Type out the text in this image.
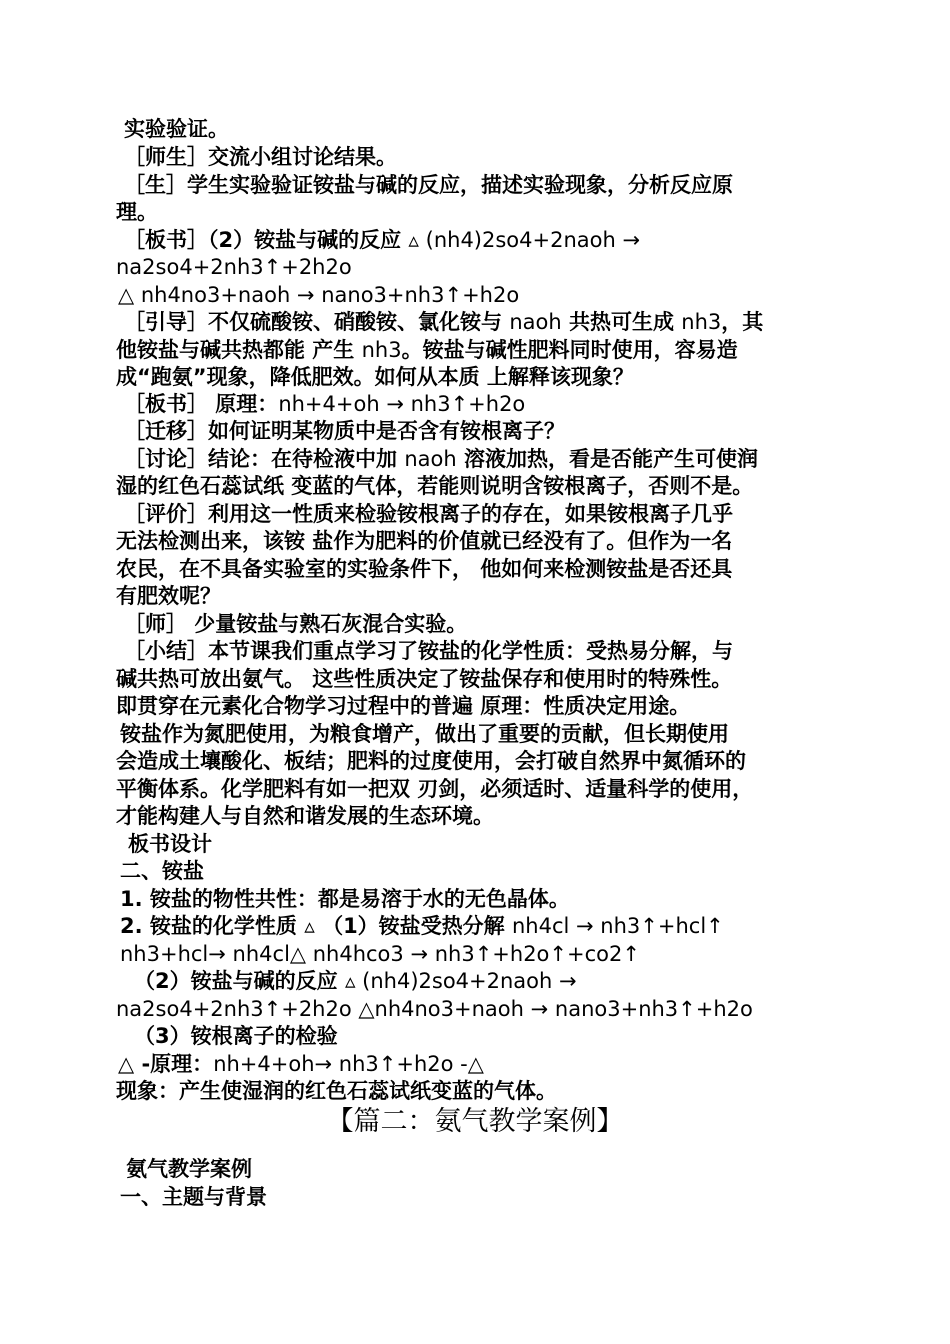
实验验证。
［师生］交流小组讨论结果。
［生］学生实验验证铵盐与碱的反应，描述实验现象，分析反应原
理。
［板书］（2）铵盐与碱的反应 ▵ (nh4)2so4+2naoh →
na2so4+2nh3↑+2h2o
△ nh4no3+naoh → nano3+nh3↑+h2o
［引导］不仅硫酸铵、硝酸铵、氯化铵与 naoh 共热可生成 nh3，其
他铵盐与碱共热都能 产生 nh3。铵盐与碱性肥料同时使用，容易造
成“跑氨”现象，降低肥效。如何从本质 上解释该现象？
［板书］ 原理：nh+4+oh → nh3↑+h2o
［迁移］如何证明某物质中是否含有铵根离子？
［讨论］结论：在待检液中加 naoh 溶液加热，看是否能产生可使润
湿的红色石蕊试纸 变蓝的气体，若能则说明含铵根离子，否则不是。
［评价］利用这一性质来检验铵根离子的存在，如果铵根离子几乎
无法检测出来，该铵 盐作为肥料的价值就已经没有了。但作为一名
农民，在不具备实验室的实验条件下， 他如何来检测铵盐是否还具
有肥效呢？
［师］ 少量铵盐与熟石灰混合实验。
［小结］本节课我们重点学习了铵盐的化学性质：受热易分解，与
碱共热可放出氨气。 这些性质决定了铵盐保存和使用时的特殊性。
即贯穿在元素化合物学习过程中的普遍 原理：性质决定用途。
铵盐作为氮肥使用，为粮食增产，做出了重要的贡献，但长期使用
会造成土壤酸化、板结；肥料的过度使用，会打破自然界中氮循环的
平衡体系。化学肥料有如一把双 刃剑，必须适时、适量科学的使用，
才能构建人与自然和谐发展的生态环境。
板书设计
二、铵盐
1. 铵盐的物性共性：都是易溶于水的无色晶体。
2. 铵盐的化学性质 ▵ （1）铵盐受热分解 nh4cl → nh3↑+hcl↑
nh3+hcl→ nh4cl△ nh4hco3 → nh3↑+h2o↑+co2↑
（2）铵盐与碱的反应 ▵ (nh4)2so4+2naoh →
na2so4+2nh3↑+2h2o △nh4no3+naoh → nano3+nh3↑+h2o
（3）铵根离子的检验
△ -原理：nh+4+oh→ nh3↑+h2o -△
现象：产生使湿润的红色石蕊试纸变蓝的气体。
氨气教学案例
一、主题与背景
【篇二：氨气教学案例】
